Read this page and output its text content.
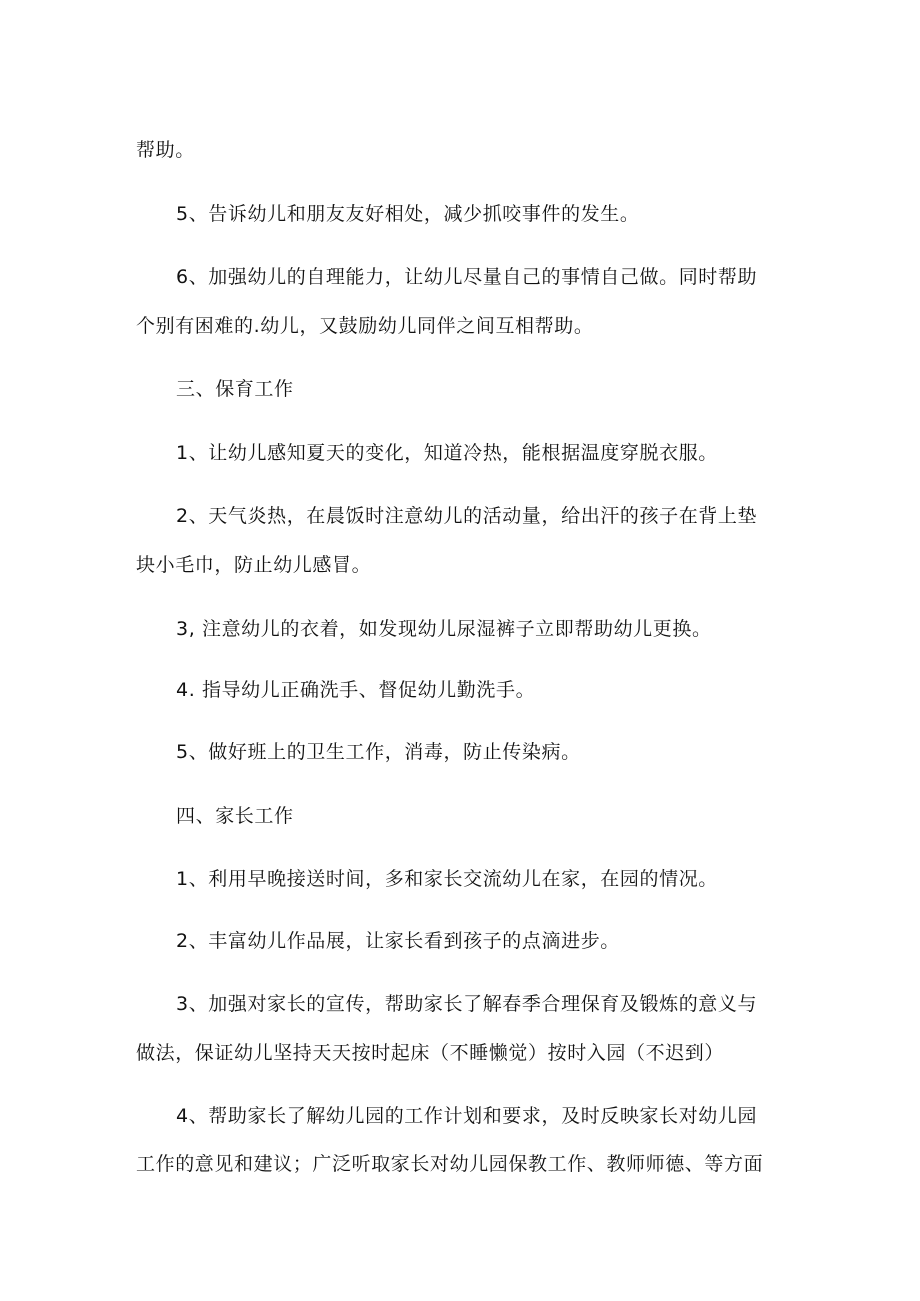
帮助。

5、告诉幼儿和朋友友好相处，减少抓咬事件的发生。

6、加强幼儿的自理能力，让幼儿尽量自己的事情自己做。同时帮助

个别有困难的.幼儿，又鼓励幼儿同伴之间互相帮助。

三、保育工作

1、让幼儿感知夏天的变化，知道冷热，能根据温度穿脱衣服。

2、天气炎热，在晨饭时注意幼儿的活动量，给出汗的孩子在背上垫

块小毛巾，防止幼儿感冒。

3, 注意幼儿的衣着，如发现幼儿尿湿裤子立即帮助幼儿更换。

4. 指导幼儿正确洗手、督促幼儿勤洗手。

5、做好班上的卫生工作，消毒，防止传染病。

四、家长工作

1、利用早晚接送时间，多和家长交流幼儿在家，在园的情况。

2、丰富幼儿作品展，让家长看到孩子的点滴进步。

3、加强对家长的宣传，帮助家长了解春季合理保育及锻炼的意义与

做法，保证幼儿坚持天天按时起床（不睡懒觉）按时入园（不迟到）

4、帮助家长了解幼儿园的工作计划和要求，及时反映家长对幼儿园

工作的意见和建议；广泛听取家长对幼儿园保教工作、教师师德、等方面
